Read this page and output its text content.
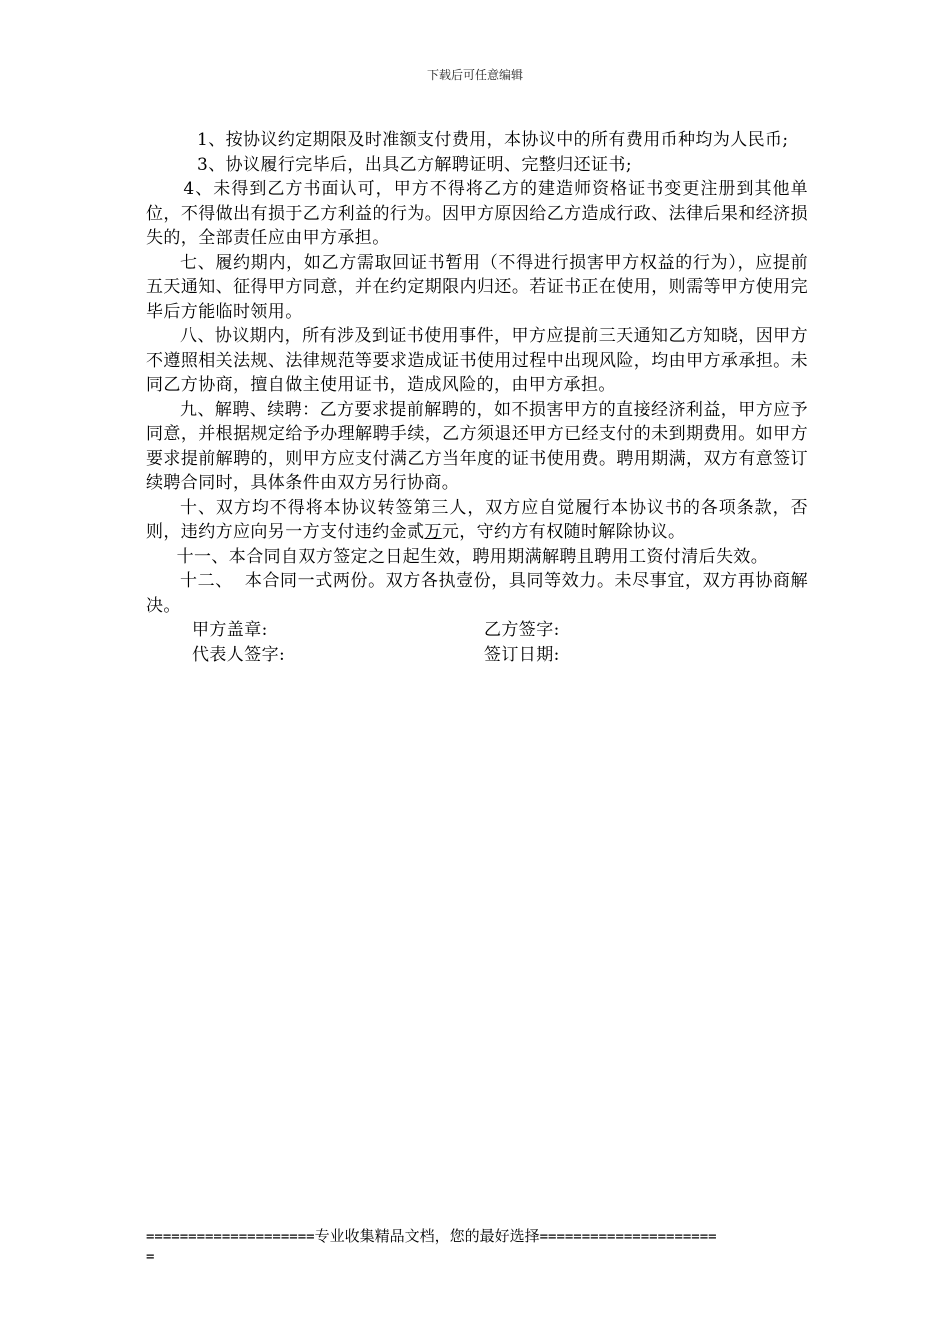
下载后可任意编辑

1、按协议约定期限及时准额支付费用，本协议中的所有费用币种均为人民币;

3、协议履行完毕后，出具乙方解聘证明、完整归还证书;

4、未得到乙方书面认可，甲方不得将乙方的建造师资格证书变更注册到其他单位，不得做出有损于乙方利益的行为。因甲方原因给乙方造成行政、法律后果和经济损失的，全部责任应由甲方承担。

七、履约期内，如乙方需取回证书暂用（不得进行损害甲方权益的行为），应提前五天通知、征得甲方同意，并在约定期限内归还。若证书正在使用，则需等甲方使用完毕后方能临时领用。

八、协议期内，所有涉及到证书使用事件，甲方应提前三天通知乙方知晓，因甲方不遵照相关法规、法律规范等要求造成证书使用过程中出现风险，均由甲方承承担。未同乙方协商，擅自做主使用证书，造成风险的，由甲方承担。

九、解聘、续聘：乙方要求提前解聘的，如不损害甲方的直接经济利益，甲方应予同意，并根据规定给予办理解聘手续，乙方须退还甲方已经支付的未到期费用。如甲方要求提前解聘的，则甲方应支付满乙方当年度的证书使用费。聘用期满，双方有意签订续聘合同时，具体条件由双方另行协商。

十、双方均不得将本协议转签第三人，双方应自觉履行本协议书的各项条款，否则，违约方应向另一方支付违约金贰万元，守约方有权随时解除协议。

十一、本合同自双方签定之日起生效，聘用期满解聘且聘用工资付清后失效。

十二、  本合同一式两份。双方各执壹份，具同等效力。未尽事宜，双方再协商解决。

甲方盖章:	乙方签字:
代表人签字:	签订日期:
====================专业收集精品文档，您的最好选择=====================
=
